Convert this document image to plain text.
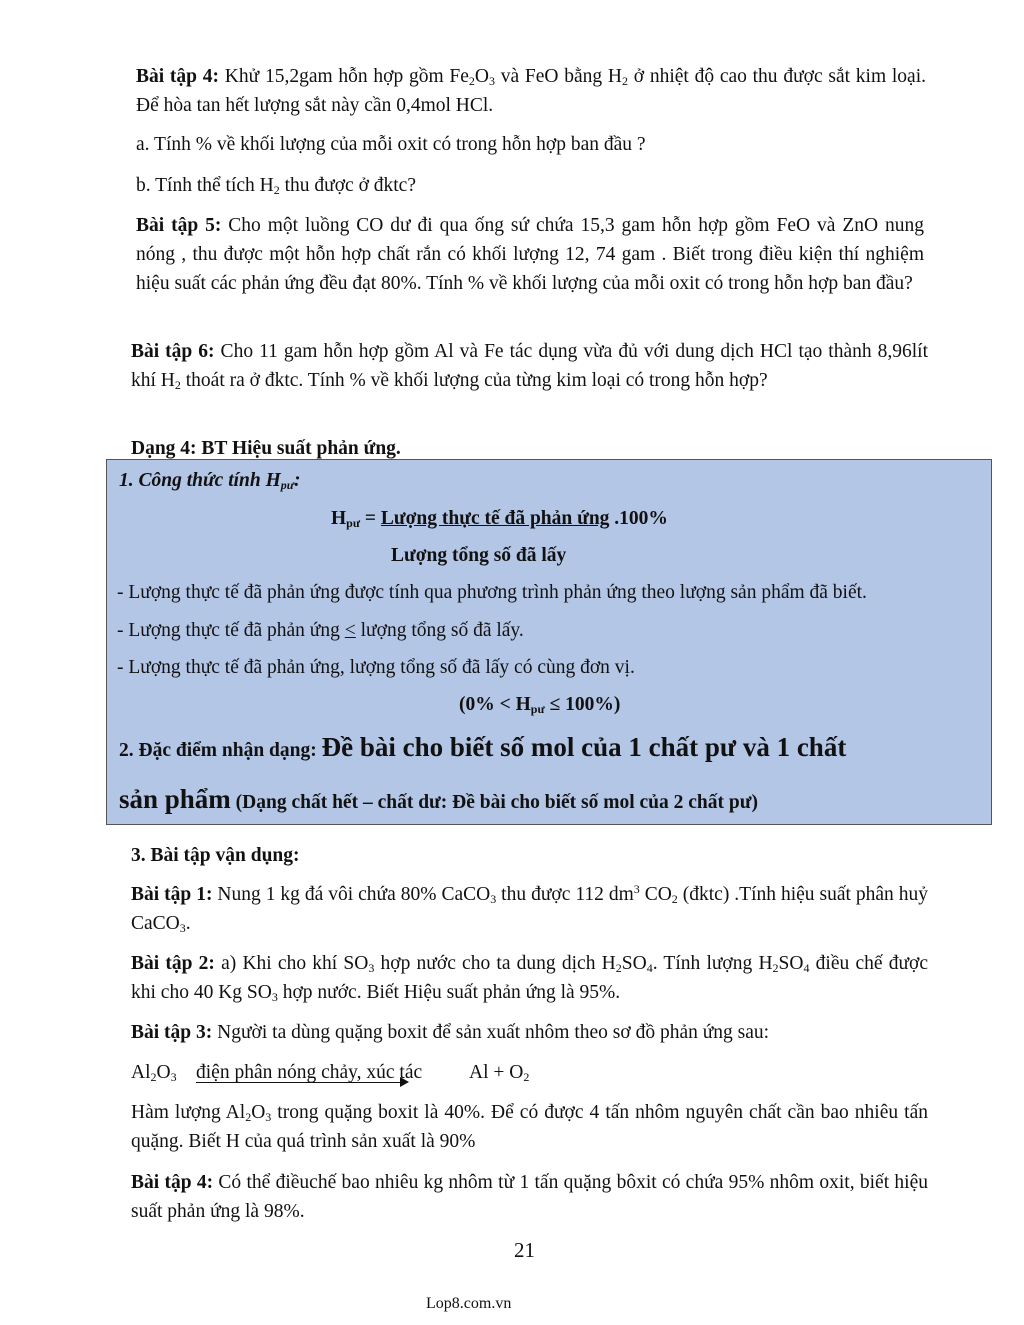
Bài tập 4: Khử 15,2gam hỗn hợp gồm $Fe_2O_3$ và FeO bằng $H_2$ ở nhiệt độ cao thu được sắt kim loại. Để hòa tan hết lượng sắt này cần 0,4mol HCl.

a. Tính % về khối lượng của mỗi oxit có trong hỗn hợp ban đầu ?

b. Tính thể tích $H_2$ thu được ở đktc?

Bài tập 5: Cho một luồng CO dư đi qua ống sứ chứa 15,3 gam hỗn hợp gồm FeO và ZnO nung nóng , thu được một hỗn hợp chất rắn có khối lượng 12, 74 gam . Biết trong điều kiện thí nghiệm hiệu suất các phản ứng đều đạt 80%. Tính % về khối lượng của mỗi oxit có trong hỗn hợp ban đầu?

Bài tập 6: Cho 11 gam hỗn hợp gồm Al và Fe tác dụng vừa đủ với dung dịch HCl tạo thành 8,96lít khí $H_2$ thoát ra ở đktc. Tính % về khối lượng của từng kim loại có trong hỗn hợp?

Dạng 4: BT Hiệu suất phản ứng.

1. Công thức tính $H_{pư}$:

$H_{pư}$ = Lượng thực tế đã phản ứng .100%

Lượng tổng số đã lấy

- Lượng thực tế đã phản ứng được tính qua phương trình phản ứng theo lượng sản phẩm đã biết.

- Lượng thực tế đã phản ứng < lượng tổng số đã lấy.

- Lượng thực tế đã phản ứng, lượng tổng số đã lấy có cùng đơn vị.

$(0\% < H_{pư} \le 100\%)$

2. Đặc điểm nhận dạng: Đề bài cho biết số mol của 1 chất pư và 1 chất

sản phẩm (Dạng chất hết – chất dư: Đề bài cho biết số mol của 2 chất pư)

3. Bài tập vận dụng:

Bài tập 1: Nung 1 kg đá vôi chứa 80% CaCO$_3$ thu được 112 $dm^3$ $CO_2$ (đktc) .Tính hiệu suất phân huỷ CaCO$_3$.

Bài tập 2: a) Khi cho khí $SO_3$ hợp nước cho ta dung dịch $H_2SO_4$. Tính lượng $H_2SO_4$ điều chế được khi cho 40 Kg $SO_3$ hợp nước. Biết Hiệu suất phản ứng là 95%.

Bài tập 3: Người ta dùng quặng boxit để sản xuất nhôm theo sơ đồ phản ứng sau:

$Al_2O_3$ điện phân nóng chảy, xúc tác $Al + O_2$

Hàm lượng $Al_2O_3$ trong quặng boxit là 40%. Để có được 4 tấn nhôm nguyên chất cần bao nhiêu tấn quặng. Biết H của quá trình sản xuất là 90%

Bài tập 4: Có thể điềuchế bao nhiêu kg nhôm từ 1 tấn quặng bôxit có chứa 95% nhôm oxit, biết hiệu suất phản ứng là 98%.

21

Lop8.com.vn
